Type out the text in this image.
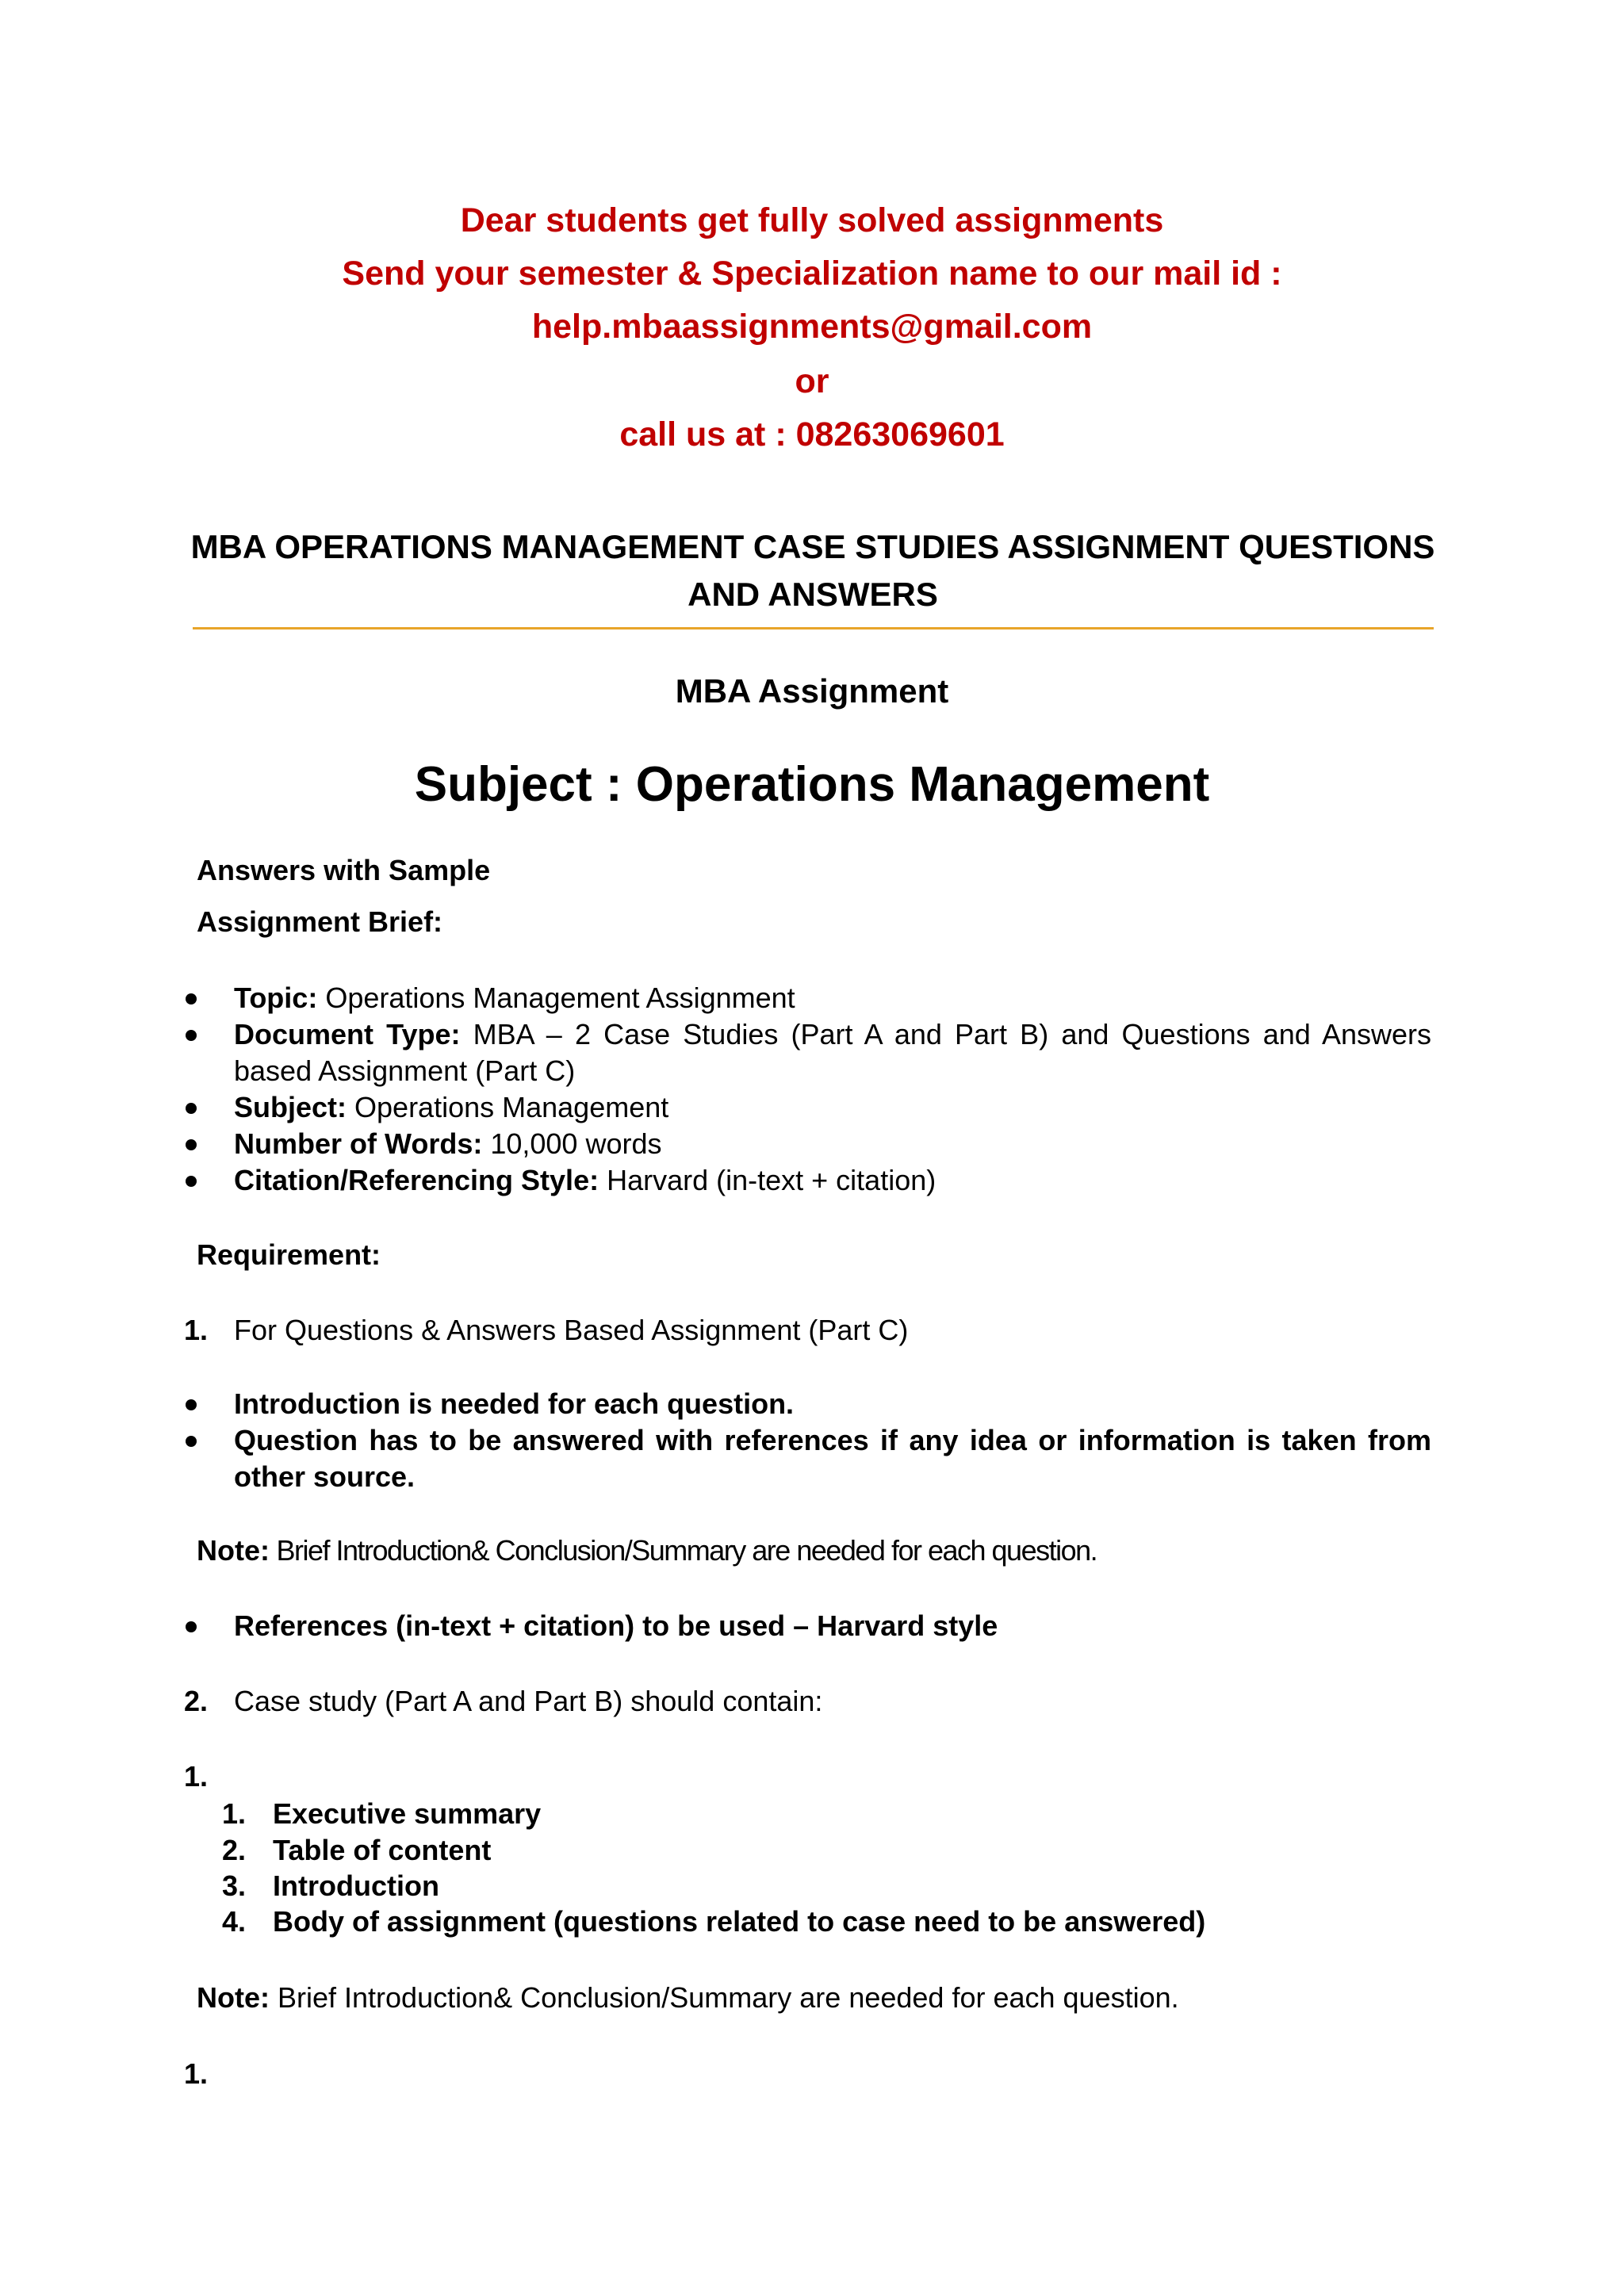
Dear students get fully solved assignments
Send your semester & Specialization name to our mail id :
help.mbaassignments@gmail.com
or
call us at : 08263069601
MBA OPERATIONS MANAGEMENT CASE STUDIES ASSIGNMENT QUESTIONS
AND ANSWERS
MBA Assignment
Subject : Operations Management
Answers with Sample
Assignment Brief:
Topic: Operations Management Assignment
Document Type: MBA – 2 Case Studies (Part A and Part B) and Questions and Answers based Assignment (Part C)
Subject: Operations Management
Number of Words: 10,000 words
Citation/Referencing Style: Harvard (in-text + citation)
Requirement:
1. For Questions & Answers Based Assignment (Part C)
Introduction is needed for each question.
Question has to be answered with references if any idea or information is taken from other source.
Note: Brief Introduction& Conclusion/Summary are needed for each question.
References (in-text + citation) to be used – Harvard style
2. Case study (Part A and Part B) should contain:
1.
1. Executive summary
2. Table of content
3. Introduction
4. Body of assignment (questions related to case need to be answered)
Note: Brief Introduction& Conclusion/Summary are needed for each question.
1.
